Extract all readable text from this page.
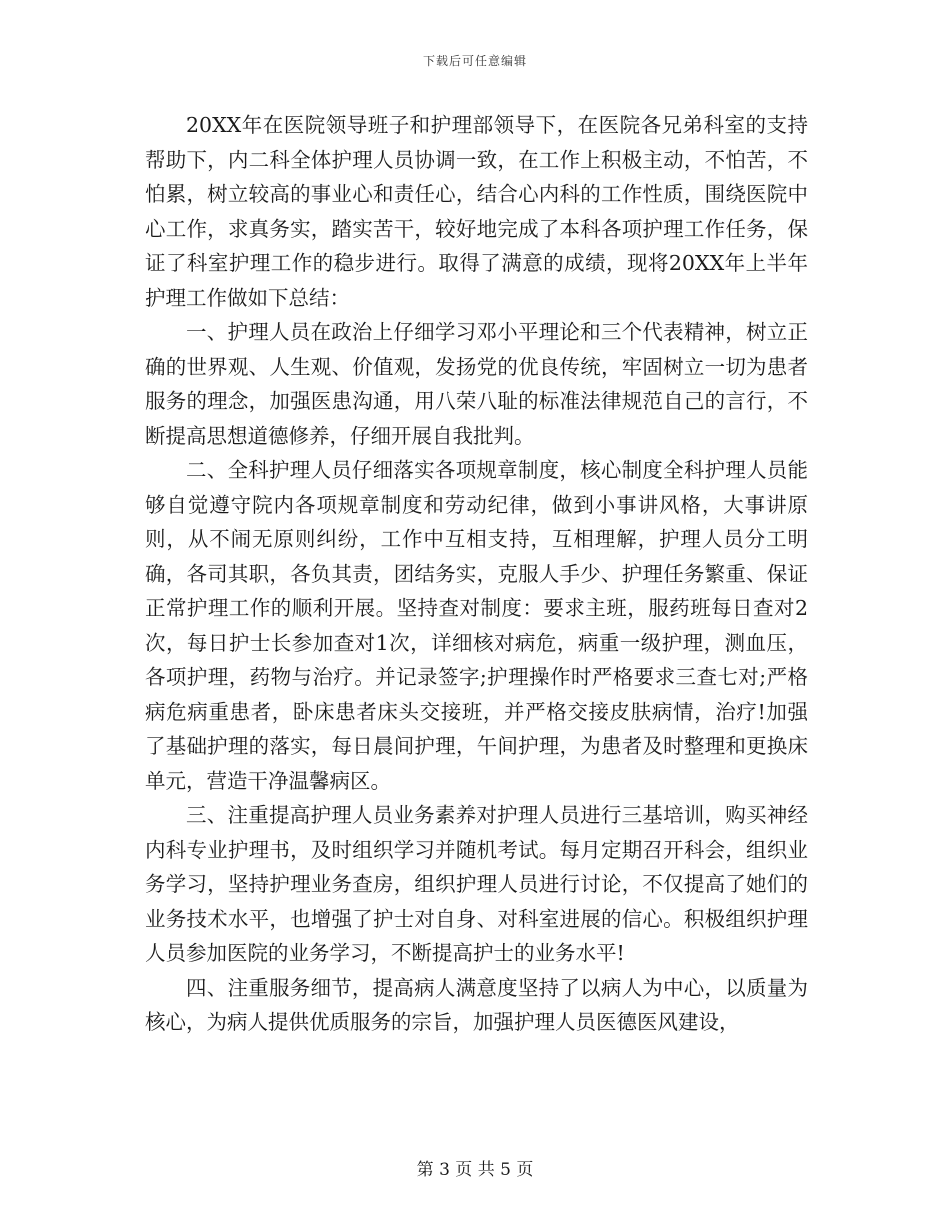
下载后可任意编辑

20XX年在医院领导班子和护理部领导下，在医院各兄弟科室的支持帮助下，内二科全体护理人员协调一致，在工作上积极主动，不怕苦，不怕累，树立较高的事业心和责任心，结合心内科的工作性质，围绕医院中心工作，求真务实，踏实苦干，较好地完成了本科各项护理工作任务，保证了科室护理工作的稳步进行。取得了满意的成绩，现将20XX年上半年护理工作做如下总结：

一、护理人员在政治上仔细学习邓小平理论和三个代表精神，树立正确的世界观、人生观、价值观，发扬党的优良传统，牢固树立一切为患者服务的理念，加强医患沟通，用八荣八耻的标准法律规范自己的言行，不断提高思想道德修养，仔细开展自我批判。

二、全科护理人员仔细落实各项规章制度，核心制度全科护理人员能够自觉遵守院内各项规章制度和劳动纪律，做到小事讲风格，大事讲原则，从不闹无原则纠纷，工作中互相支持，互相理解，护理人员分工明确，各司其职，各负其责，团结务实，克服人手少、护理任务繁重、保证正常护理工作的顺利开展。坚持查对制度：要求主班，服药班每日查对2次，每日护士长参加查对1次，详细核对病危，病重一级护理，测血压，各项护理，药物与治疗。并记录签字;护理操作时严格要求三查七对;严格病危病重患者，卧床患者床头交接班，并严格交接皮肤病情，治疗!加强了基础护理的落实，每日晨间护理，午间护理，为患者及时整理和更换床单元，营造干净温馨病区。

三、注重提高护理人员业务素养对护理人员进行三基培训，购买神经内科专业护理书，及时组织学习并随机考试。每月定期召开科会，组织业务学习，坚持护理业务查房，组织护理人员进行讨论，不仅提高了她们的业务技术水平，也增强了护士对自身、对科室进展的信心。积极组织护理人员参加医院的业务学习，不断提高护士的业务水平!

四、注重服务细节，提高病人满意度坚持了以病人为中心，以质量为核心，为病人提供优质服务的宗旨，加强护理人员医德医风建设，

第 3 页 共 5 页
